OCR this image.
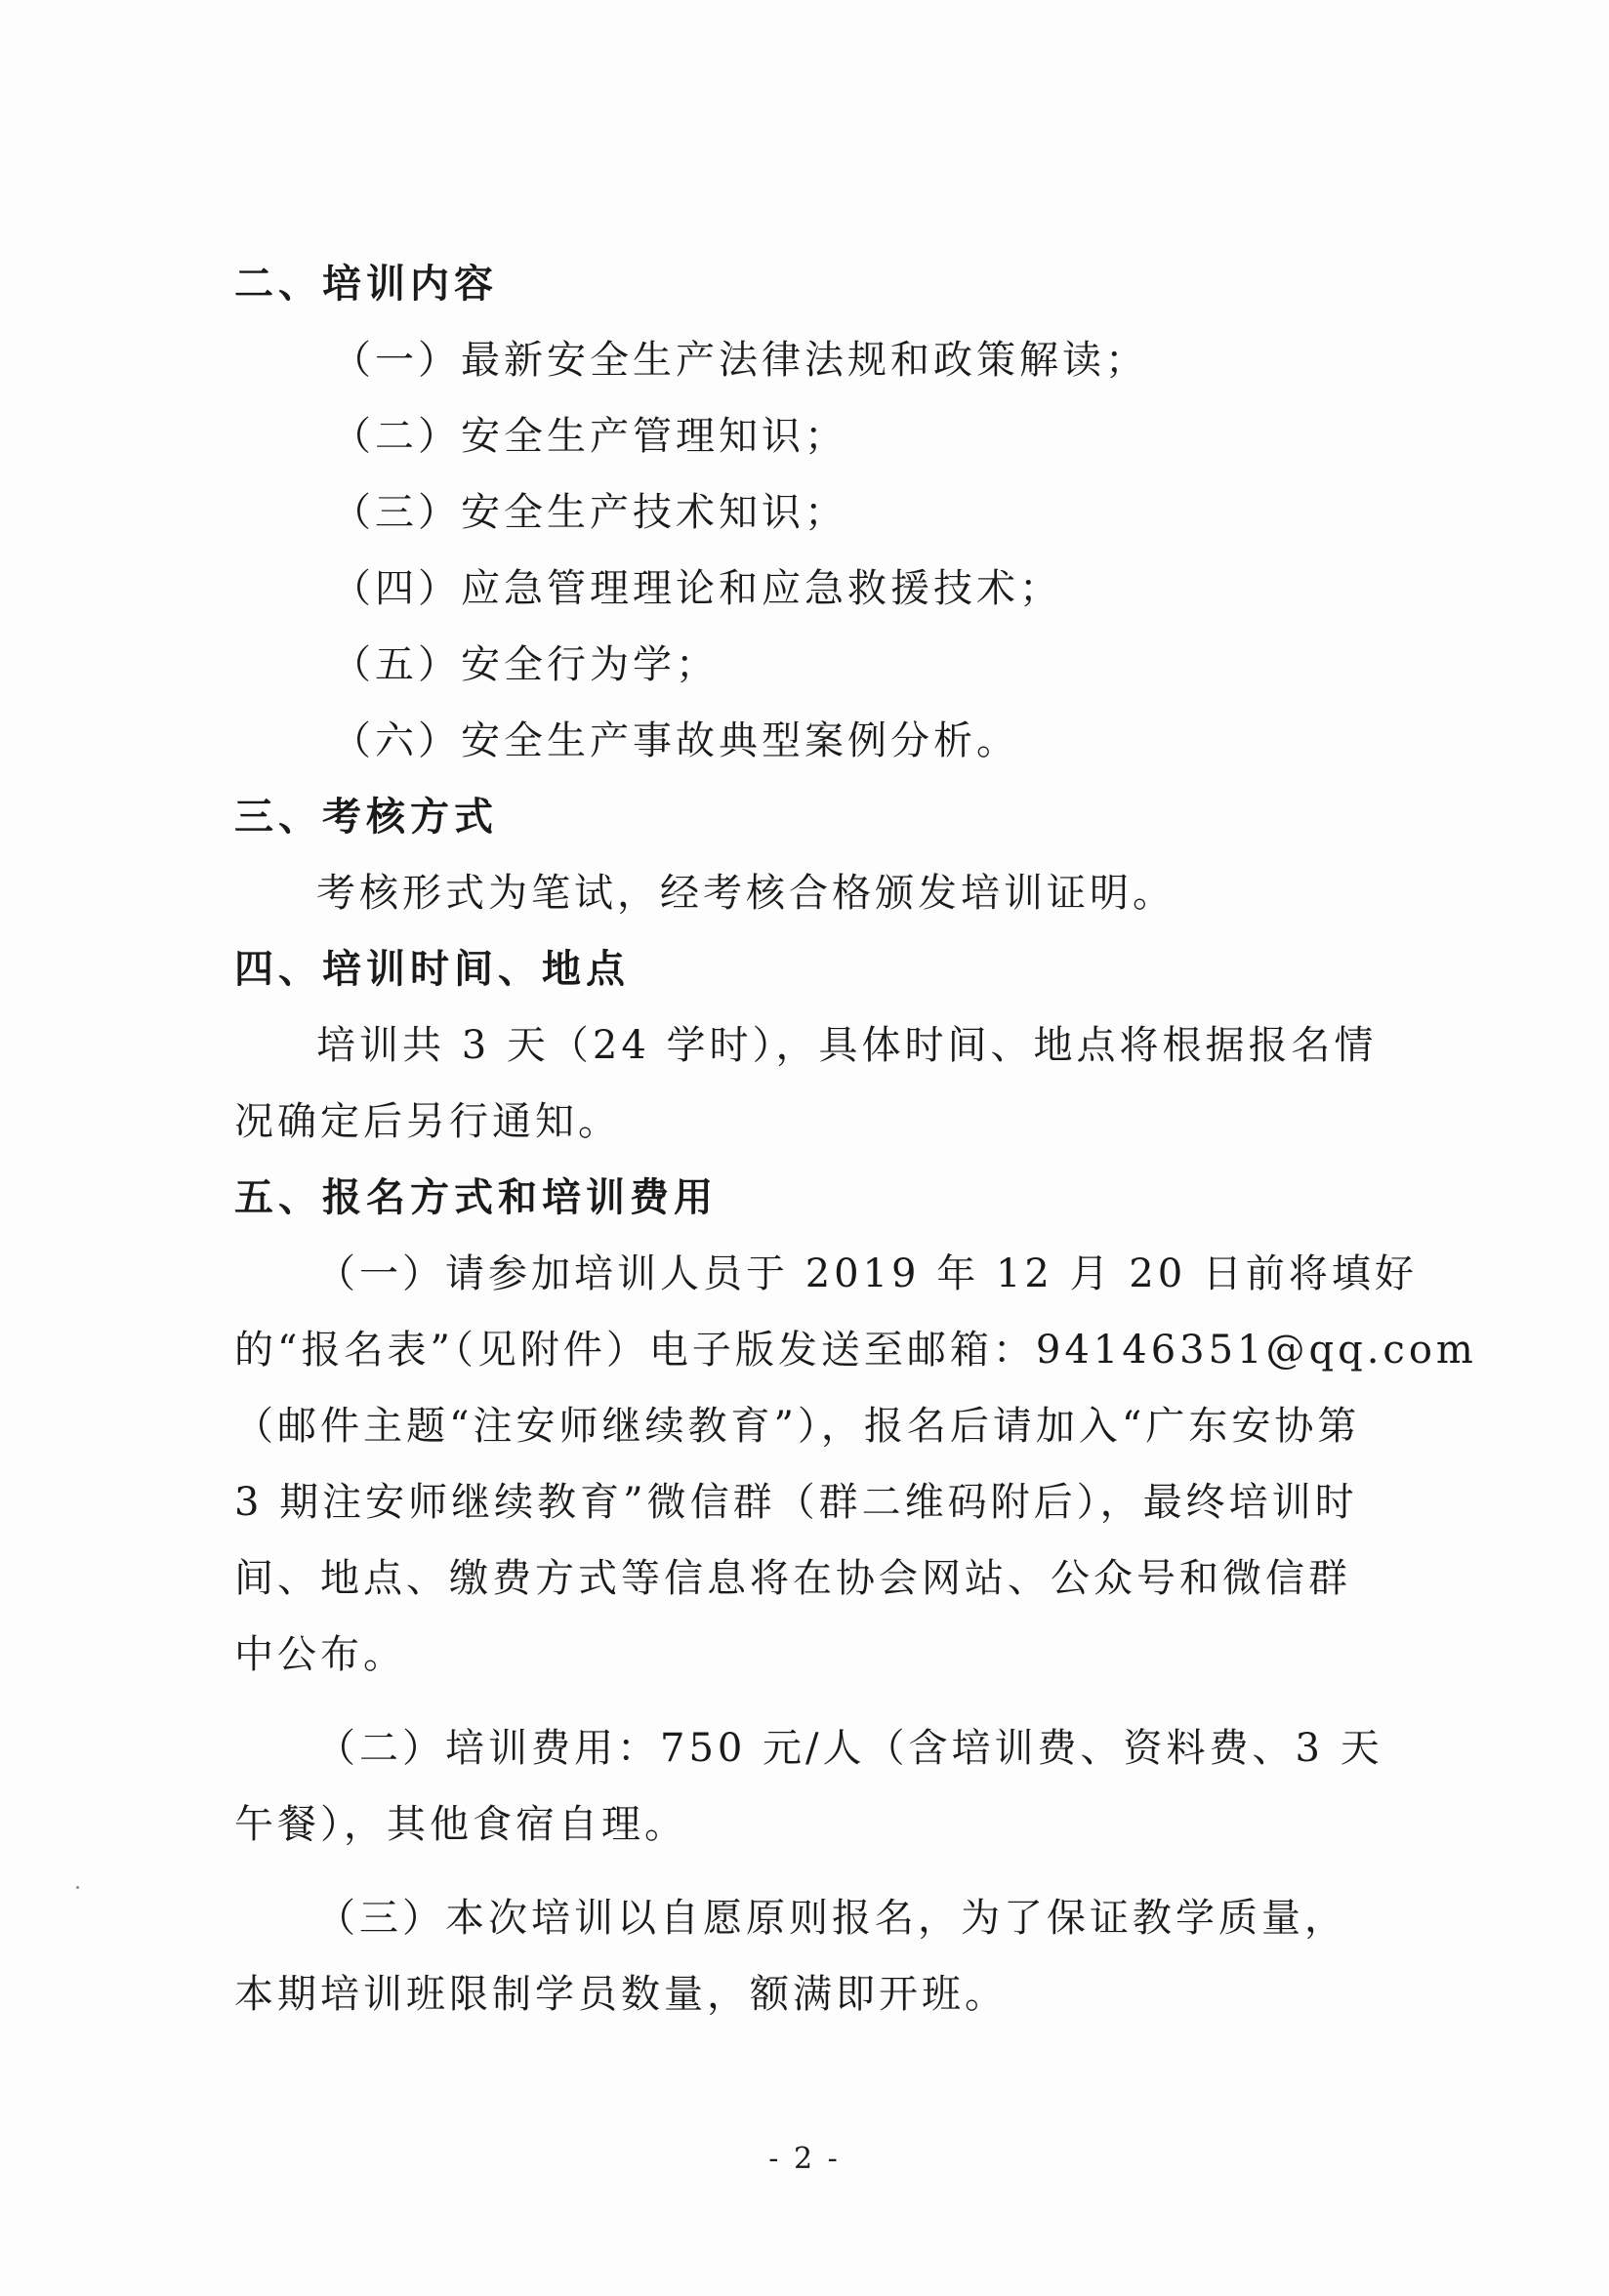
二、培训内容
（一）最新安全生产法律法规和政策解读；
（二）安全生产管理知识；
（三）安全生产技术知识；
（四）应急管理理论和应急救援技术；
（五）安全行为学；
（六）安全生产事故典型案例分析。
三、考核方式
考核形式为笔试，经考核合格颁发培训证明。
四、培训时间、地点
培训共 3 天（24 学时），具体时间、地点将根据报名情
况确定后另行通知。
五、报名方式和培训费用
（一）请参加培训人员于 2019 年 12 月 20 日前将填好
的“报名表”（见附件）电子版发送至邮箱：94146351@qq.com
（邮件主题“注安师继续教育”），报名后请加入“广东安协第
3 期注安师继续教育”微信群（群二维码附后），最终培训时
间、地点、缴费方式等信息将在协会网站、公众号和微信群
中公布。
（二）培训费用：750 元/人（含培训费、资料费、3 天
午餐），其他食宿自理。
（三）本次培训以自愿原则报名，为了保证教学质量，
本期培训班限制学员数量，额满即开班。
- 2 -
